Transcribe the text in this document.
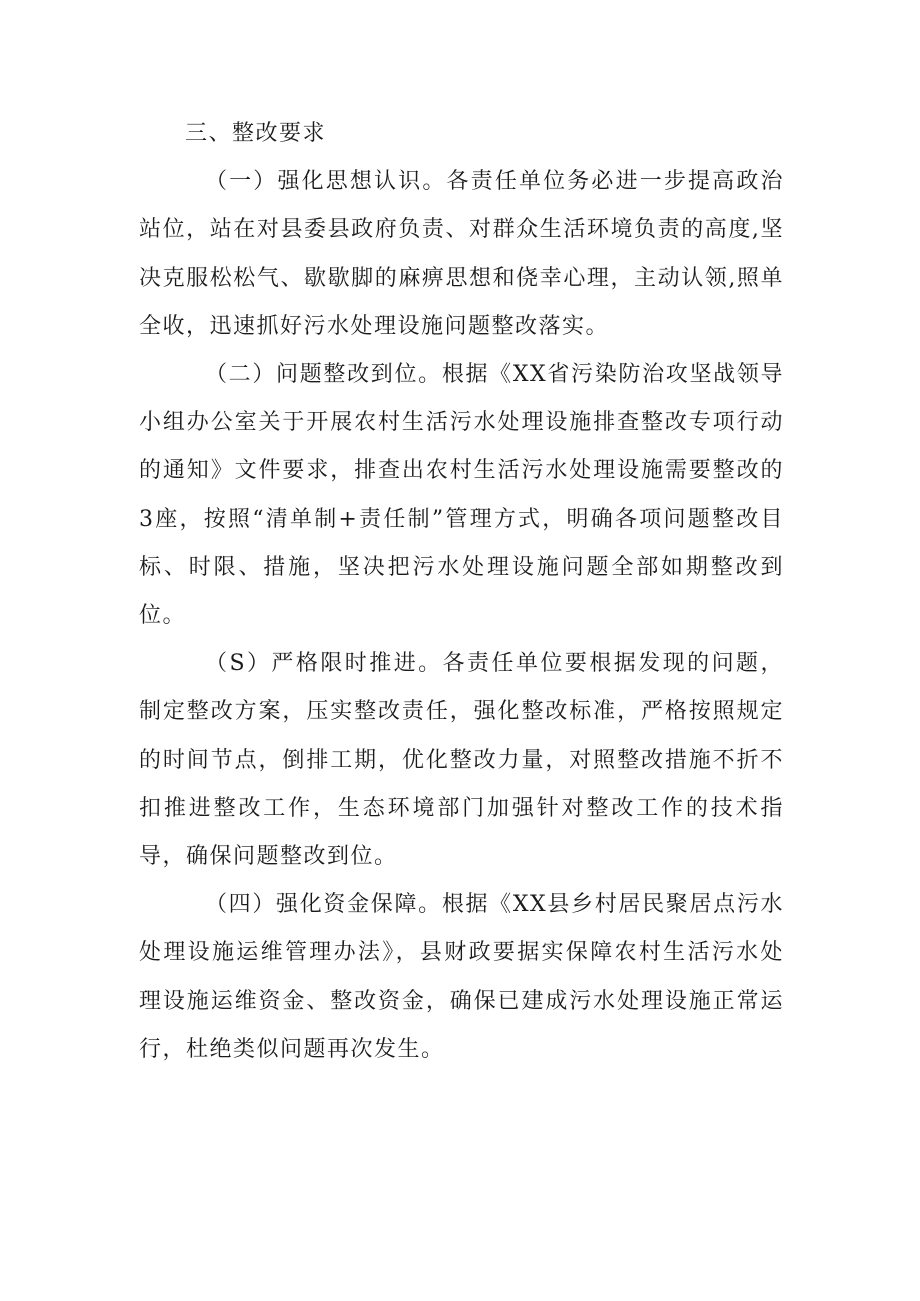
三、整改要求

（一）强化思想认识。各责任单位务必进一步提高政治站位，站在对县委县政府负责、对群众生活环境负责的高度,坚决克服松松气、歇歇脚的麻痹思想和侥幸心理，主动认领,照单全收，迅速抓好污水处理设施问题整改落实。

（二）问题整改到位。根据《XX省污染防治攻坚战领导小组办公室关于开展农村生活污水处理设施排查整改专项行动的通知》文件要求，排查出农村生活污水处理设施需要整改的3座，按照“清单制+责任制”管理方式，明确各项问题整改目标、时限、措施，坚决把污水处理设施问题全部如期整改到位。

（S）严格限时推进。各责任单位要根据发现的问题，制定整改方案，压实整改责任，强化整改标准，严格按照规定的时间节点，倒排工期，优化整改力量，对照整改措施不折不扣推进整改工作，生态环境部门加强针对整改工作的技术指导，确保问题整改到位。

（四）强化资金保障。根据《XX县乡村居民聚居点污水处理设施运维管理办法》，县财政要据实保障农村生活污水处理设施运维资金、整改资金，确保已建成污水处理设施正常运行，杜绝类似问题再次发生。
